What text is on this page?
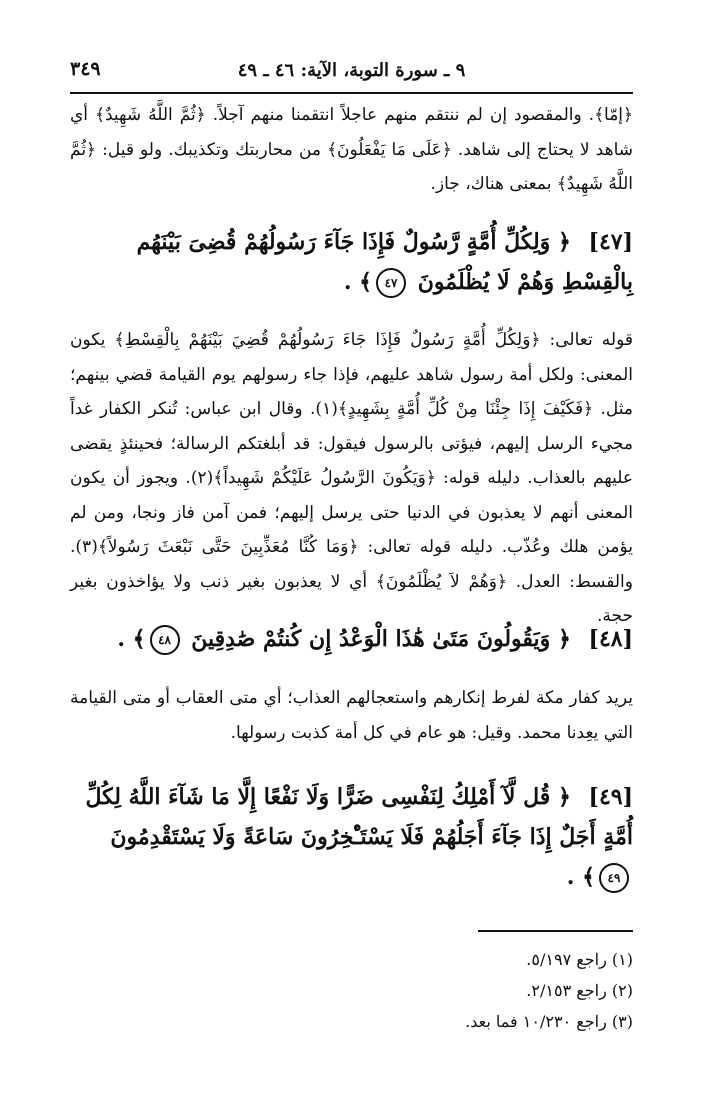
٣٤٩	٩ ـ سورة التوبة، الآية: ٤٦ ـ ٤٩
﴿إمّا﴾. والمقصود إن لم ننتقم منهم عاجلاً انتقمنا منهم آجلاً. ﴿ثُمَّ اللَّهُ شَهِيدٌ﴾ أي شاهد لا يحتاج إلى شاهد. ﴿عَلَى مَا يَفْعَلُونَ﴾ من محاربتك وتكذيبك. ولو قيل: ﴿ثُمَّ اللَّهُ شَهِيدٌ﴾ بمعنى هناك، جاز.
[٤٧] ﴿ وَلِكُلِّ أُمَّةٍ رَّسُولٌ فَإِذَا جَآءَ رَسُولُهُمْ قُضِىَ بَيْنَهُم بِالْقِسْطِ وَهُمْ لَا يُظْلَمُونَ ٤٧﴾ .
قوله تعالى: ﴿وَلِكُلِّ أُمَّةٍ رَسُولٌ فَإِذَا جَاءَ رَسُولُهُمْ قُضِيَ بَيْنَهُمْ بِالْقِسْطِ﴾ يكون المعنى: ولكل أمة رسول شاهد عليهم، فإذا جاء رسولهم يوم القيامة قضي بينهم؛ مثل. ﴿فَكَيْفَ إِذَا جِئْنَا مِنْ كُلِّ أُمَّةٍ بِشَهِيدٍ﴾(١). وقال ابن عباس: تُنكر الكفار غداً مجيء الرسل إليهم، فيؤتى بالرسول فيقول: قد أبلغتكم الرسالة؛ فحينئذٍ يقضى عليهم بالعذاب. دليله قوله: ﴿وَيَكُونَ الرَّسُولُ عَلَيْكُمْ شَهِيداً﴾(٢). ويجوز أن يكون المعنى أنهم لا يعذبون في الدنيا حتى يرسل إليهم؛ فمن آمن فاز ونجا، ومن لم يؤمن هلك وعُذّب. دليله قوله تعالى: ﴿وَمَا كُنَّا مُعَذِّبِينَ حَتَّى نَبْعَثَ رَسُولاً﴾(٣). والقسط: العدل. ﴿وَهُمْ لاَ يُظْلَمُونَ﴾ أي لا يعذبون بغير ذنب ولا يؤاخذون بغير حجة.
[٤٨] ﴿ وَيَقُولُونَ مَتَىٰ هَٰذَا الْوَعْدُ إِن كُنتُمْ صَٰدِقِينَ ٤٨﴾ .
يريد كفار مكة لفرط إنكارهم واستعجالهم العذاب؛ أي متى العقاب أو متى القيامة التي يعِدنا محمد. وقيل: هو عام في كل أمة كذبت رسولها.
[٤٩] ﴿ قُل لَّآ أَمْلِكُ لِنَفْسِى ضَرًّا وَلَا نَفْعًا إِلَّا مَا شَآءَ اللَّهُ لِكُلِّ أُمَّةٍ أَجَلٌ إِذَا جَآءَ أَجَلُهُمْ فَلَا يَسْتَـْٔخِرُونَ سَاعَةً وَلَا يَسْتَقْدِمُونَ ٤٩﴾ .
(١) راجع ٥/١٩٧.
(٢) راجع ٢/١٥٣.
(٣) راجع ١٠/٢٣٠ فما بعد.
